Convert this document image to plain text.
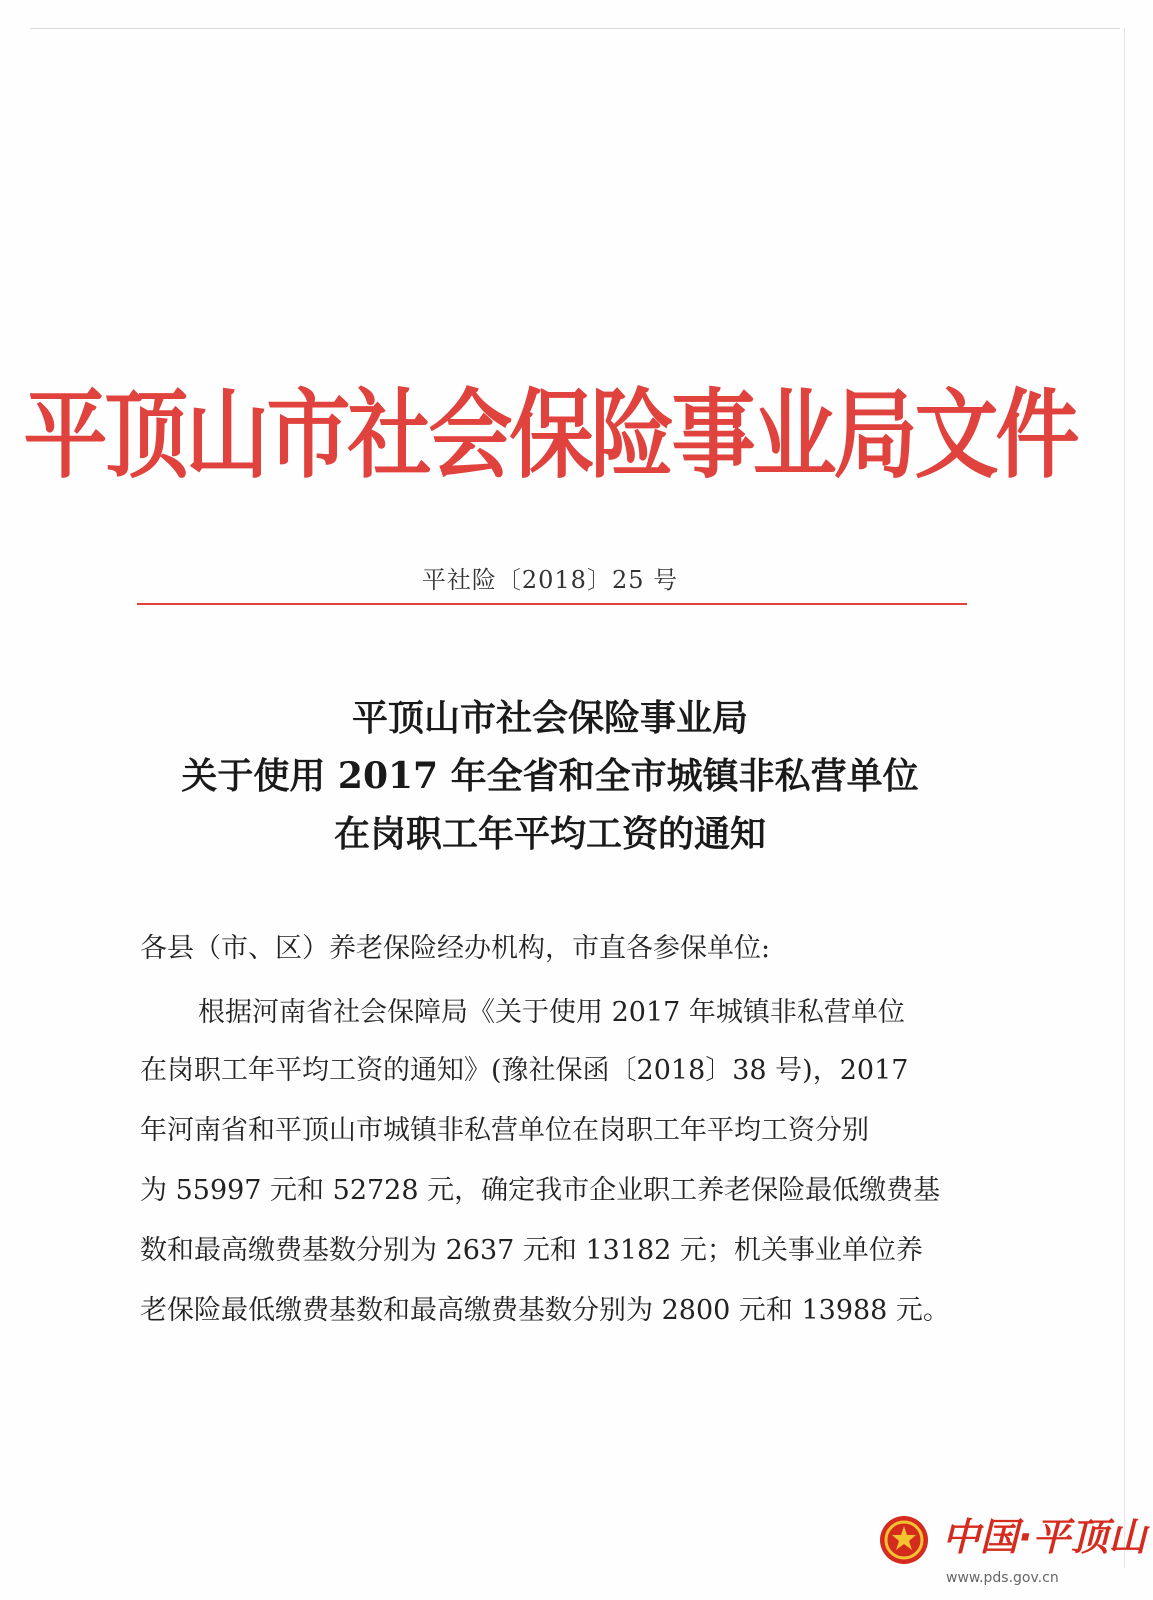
平顶山市社会保险事业局文件
平社险〔2018〕25 号
平顶山市社会保险事业局
关于使用 2017 年全省和全市城镇非私营单位
在岗职工年平均工资的通知
各县（市、区）养老保险经办机构，市直各参保单位:
根据河南省社会保障局《关于使用 2017 年城镇非私营单位
在岗职工年平均工资的通知》(豫社保函〔2018〕38 号)，2017
年河南省和平顶山市城镇非私营单位在岗职工年平均工资分别
为 55997 元和 52728 元，确定我市企业职工养老保险最低缴费基
数和最高缴费基数分别为 2637 元和 13182 元；机关事业单位养
老保险最低缴费基数和最高缴费基数分别为 2800 元和 13988 元。
中国·平顶山
www.pds.gov.cn
